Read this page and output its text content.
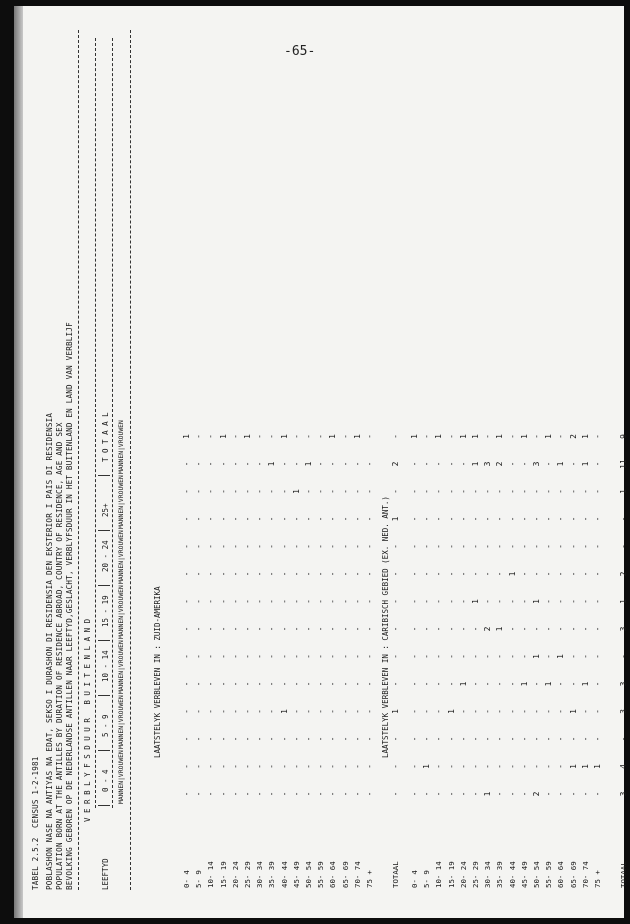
-65-
TABEL 2.5.2
CENSUS 1-2-1981 POBLASHON NASE NA ANTIYAS NA EDAT, SEKSO I DURASHON DI RESIDENSIA DEN EKSTERIOR I PAIS DI RESIDENSIA POPULATION BORN AT THE ANTILLES BY DURATION OF RESIDENCE ABROAD, COUNTRY OF RESIDENCE, AGE AND SEX BEVOLKING GEBOREN OP DE NEDERLANDSE ANTILLEN NAAR LEEFTYD,GESLACHT, VERBLYFSDUUR IN HET BUITENLAND EN LAND VAN VERBLIJF V E R B L Y F S D U U R   B U I T E N L A N D
LEEFTYD
0 - 4
5 - 9
10 - 14
15 - 19
20 - 24
25+
T O T A A L
MANNEN|VROUWEN
MANNEN|VROUWEN
MANNEN|VROUWEN
MANNEN|VROUWEN
MANNEN|VROUWEN
MANNEN|VROUWEN
MANNEN|VROUWEN
LAATSTELYK VERBLEVEN IN : ZUID-AMERIKA
0- 4
-
-
-
-
-
-
-
-
-
-
-
-
-
1
5- 9
-
-
-
-
-
-
-
-
-
-
-
-
-
-
10- 14
-
-
-
-
-
-
-
-
-
-
-
-
-
-
15- 19
-
-
-
-
-
-
-
-
-
-
-
-
-
1
20- 24
-
-
-
-
-
-
-
-
-
-
-
-
-
-
25- 29
-
-
-
-
-
-
-
-
-
-
-
-
-
1
30- 34
-
-
-
-
-
-
-
-
-
-
-
-
-
-
35- 39
-
-
-
-
-
-
-
-
-
-
-
-
1
-
40- 44
-
-
-
1
-
-
-
-
-
-
-
-
-
1
45- 49
-
-
-
-
-
-
-
-
-
-
-
1
-
-
50- 54
-
-
-
-
-
-
-
-
-
-
-
-
1
-
55- 59
-
-
-
-
-
-
-
-
-
-
-
-
-
-
60- 64
-
-
-
-
-
-
-
-
-
-
-
-
-
1
65- 69
-
-
-
-
-
-
-
-
-
-
-
-
-
-
70- 74
-
-
-
-
-
-
-
-
-
-
-
-
-
1
75 +
-
-
-
-
-
-
-
-
-
-
-
-
-
-
TOTAAL
-
-
-
1
-
-
-
-
-
-
1
-
2
-
LAATSTELYK VERBLEVEN IN : CARIBISCH GEBIED (EX. NED. ANT.)
0- 4
-
-
-
-
-
-
-
-
-
-
-
-
-
1
5- 9
-
1
-
-
-
-
-
-
-
-
-
-
-
-
10- 14
-
-
-
-
-
-
-
-
-
-
-
-
-
1
15- 19
-
-
-
1
-
-
-
-
-
-
-
-
-
-
20- 24
-
-
-
-
1
-
-
-
-
-
-
-
-
1
25- 29
-
-
-
-
-
-
-
1
-
-
-
-
1
1
30- 34
1
-
-
-
-
-
2
-
-
-
-
-
3
-
35- 39
-
-
-
-
-
-
1
-
-
-
-
-
2
1
40- 44
-
-
-
-
-
-
-
-
1
-
-
-
-
-
45- 49
-
-
-
-
1
-
-
-
-
-
-
-
-
1
50- 54
2
-
-
-
-
1
-
1
-
-
-
-
3
-
55- 59
-
-
-
-
1
-
-
-
-
-
-
-
-
1
60- 64
-
-
-
-
-
1
-
-
-
-
-
-
1
-
65- 69
-
1
-
1
-
-
-
-
-
-
-
-
-
2
70- 74
-
1
-
-
1
-
-
-
-
-
-
-
1
1
75 +
-
1
-
-
-
-
-
-
-
-
-
-
-
-
TOTAAL
3
4
-
3
3
-
3
1
2
-
-
1
11
9
